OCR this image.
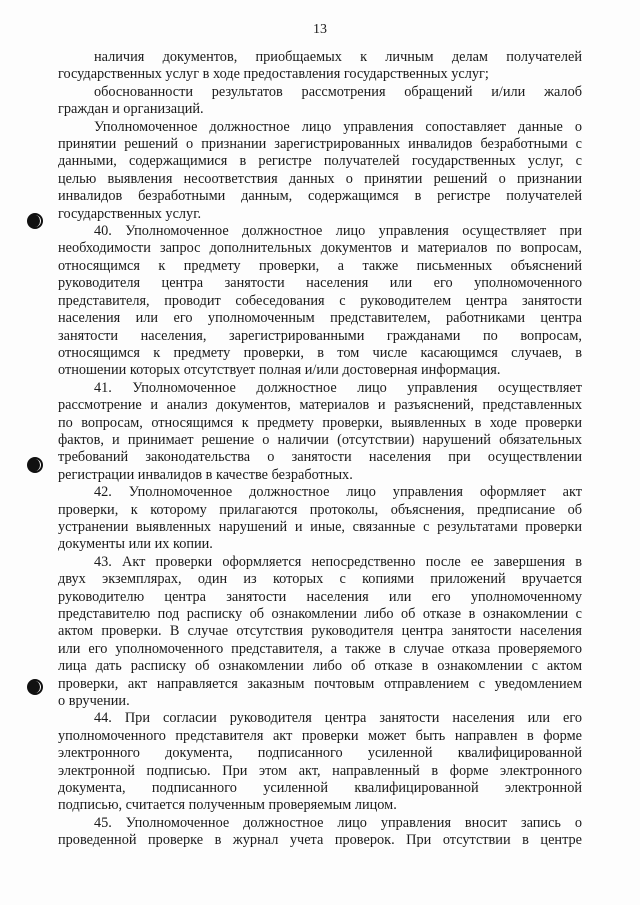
13
наличия документов, приобщаемых к личным делам получателей
государственных услуг в ходе предоставления государственных услуг;
обоснованности результатов рассмотрения обращений и/или жалоб
граждан и организаций.
Уполномоченное должностное лицо управления сопоставляет данные о
принятии решений о признании зарегистрированных инвалидов безработными с
данными, содержащимися в регистре получателей государственных услуг, с
целью выявления несоответствия данных о принятии решений о признании
инвалидов безработными данным, содержащимся в регистре получателей
государственных услуг.
40. Уполномоченное должностное лицо управления осуществляет при
необходимости запрос дополнительных документов и материалов по вопросам,
относящимся к предмету проверки, а также письменных объяснений
руководителя центра занятости населения или его уполномоченного
представителя, проводит собеседования с руководителем центра занятости
населения или его уполномоченным представителем, работниками центра
занятости населения, зарегистрированными гражданами по вопросам,
относящимся к предмету проверки, в том числе касающимся случаев, в
отношении которых отсутствует полная и/или достоверная информация.
41. Уполномоченное должностное лицо управления осуществляет
рассмотрение и анализ документов, материалов и разъяснений, представленных
по вопросам, относящимся к предмету проверки, выявленных в ходе проверки
фактов, и принимает решение о наличии (отсутствии) нарушений обязательных
требований законодательства о занятости населения при осуществлении
регистрации инвалидов в качестве безработных.
42. Уполномоченное должностное лицо управления оформляет акт
проверки, к которому прилагаются протоколы, объяснения, предписание об
устранении выявленных нарушений и иные, связанные с результатами проверки
документы или их копии.
43. Акт проверки оформляется непосредственно после ее завершения в
двух экземплярах, один из которых с копиями приложений вручается
руководителю центра занятости населения или его уполномоченному
представителю под расписку об ознакомлении либо об отказе в ознакомлении с
актом проверки. В случае отсутствия руководителя центра занятости населения
или его уполномоченного представителя, а также в случае отказа проверяемого
лица дать расписку об ознакомлении либо об отказе в ознакомлении с актом
проверки, акт направляется заказным почтовым отправлением с уведомлением
о вручении.
44. При согласии руководителя центра занятости населения или его
уполномоченного представителя акт проверки может быть направлен в форме
электронного документа, подписанного усиленной квалифицированной
электронной подписью. При этом акт, направленный в форме электронного
документа, подписанного усиленной квалифицированной электронной
подписью, считается полученным проверяемым лицом.
45. Уполномоченное должностное лицо управления вносит запись о
проведенной проверке в журнал учета проверок. При отсутствии в центре
